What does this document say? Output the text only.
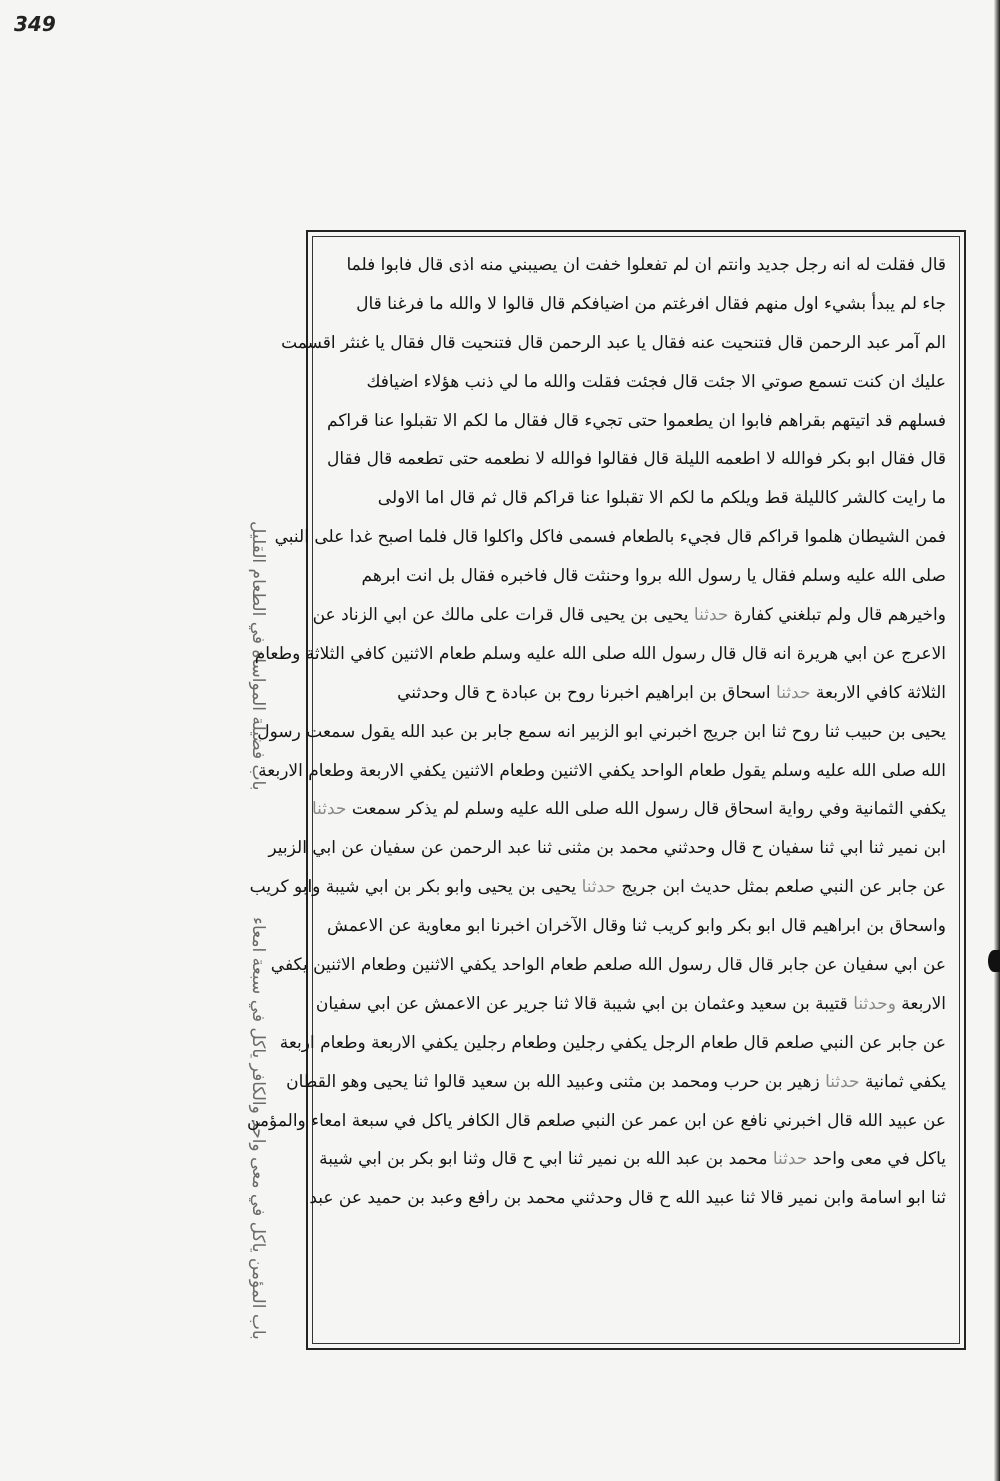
349
باب فضيلة المواساة في الطعام القليل
باب المؤمن ياكل في معى واحد والكافر ياكل في سبعة امعاء
قال فقلت له انه رجل جديد وانتم ان لم تفعلوا خفت ان يصيبني منه اذى قال فابوا فلما
جاء لم يبدأ بشيء اول منهم فقال افرغتم من اضيافكم قال قالوا لا والله ما فرغنا قال
الم آمر عبد الرحمن قال فتنحيت عنه فقال يا عبد الرحمن قال فتنحيت قال فقال يا غنثر اقسمت
عليك ان كنت تسمع صوتي الا جئت قال فجئت فقلت والله ما لي ذنب هؤلاء اضيافك
فسلهم قد اتيتهم بقراهم فابوا ان يطعموا حتى تجيء قال فقال ما لكم الا تقبلوا عنا قراكم
قال فقال ابو بكر فوالله لا اطعمه الليلة قال فقالوا فوالله لا نطعمه حتى تطعمه قال فقال
ما رايت كالشر كالليلة قط ويلكم ما لكم الا تقبلوا عنا قراكم قال ثم قال اما الاولى
فمن الشيطان هلموا قراكم قال فجيء بالطعام فسمى فاكل واكلوا قال فلما اصبح غدا على النبي
صلى الله عليه وسلم فقال يا رسول الله بروا وحنثت قال فاخبره فقال بل انت ابرهم
واخيرهم قال ولم تبلغني كفارة حدثنا يحيى بن يحيى قال قرات على مالك عن ابي الزناد عن
الاعرج عن ابي هريرة انه قال قال رسول الله صلى الله عليه وسلم طعام الاثنين كافي الثلاثة وطعام
الثلاثة كافي الاربعة حدثنا اسحاق بن ابراهيم اخبرنا روح بن عبادة ح قال وحدثني
يحيى بن حبيب ثنا روح ثنا ابن جريج اخبرني ابو الزبير انه سمع جابر بن عبد الله يقول سمعت رسول
الله صلى الله عليه وسلم يقول طعام الواحد يكفي الاثنين وطعام الاثنين يكفي الاربعة وطعام الاربعة
يكفي الثمانية وفي رواية اسحاق قال رسول الله صلى الله عليه وسلم لم يذكر سمعت حدثنا
ابن نمير ثنا ابي ثنا سفيان ح قال وحدثني محمد بن مثنى ثنا عبد الرحمن عن سفيان عن ابي الزبير
عن جابر عن النبي صلعم بمثل حديث ابن جريج حدثنا يحيى بن يحيى وابو بكر بن ابي شيبة وابو كريب
واسحاق بن ابراهيم قال ابو بكر وابو كريب ثنا وقال الآخران اخبرنا ابو معاوية عن الاعمش
عن ابي سفيان عن جابر قال قال رسول الله صلعم طعام الواحد يكفي الاثنين وطعام الاثنين يكفي
الاربعة وحدثنا قتيبة بن سعيد وعثمان بن ابي شيبة قالا ثنا جرير عن الاعمش عن ابي سفيان
عن جابر عن النبي صلعم قال طعام الرجل يكفي رجلين وطعام رجلين يكفي الاربعة وطعام اربعة
يكفي ثمانية حدثنا زهير بن حرب ومحمد بن مثنى وعبيد الله بن سعيد قالوا ثنا يحيى وهو القطان
عن عبيد الله قال اخبرني نافع عن ابن عمر عن النبي صلعم قال الكافر ياكل في سبعة امعاء والمؤمن
ياكل في معى واحد حدثنا محمد بن عبد الله بن نمير ثنا ابي ح قال وثنا ابو بكر بن ابي شيبة
ثنا ابو اسامة وابن نمير قالا ثنا عبيد الله ح قال وحدثني محمد بن رافع وعبد بن حميد عن عبد
